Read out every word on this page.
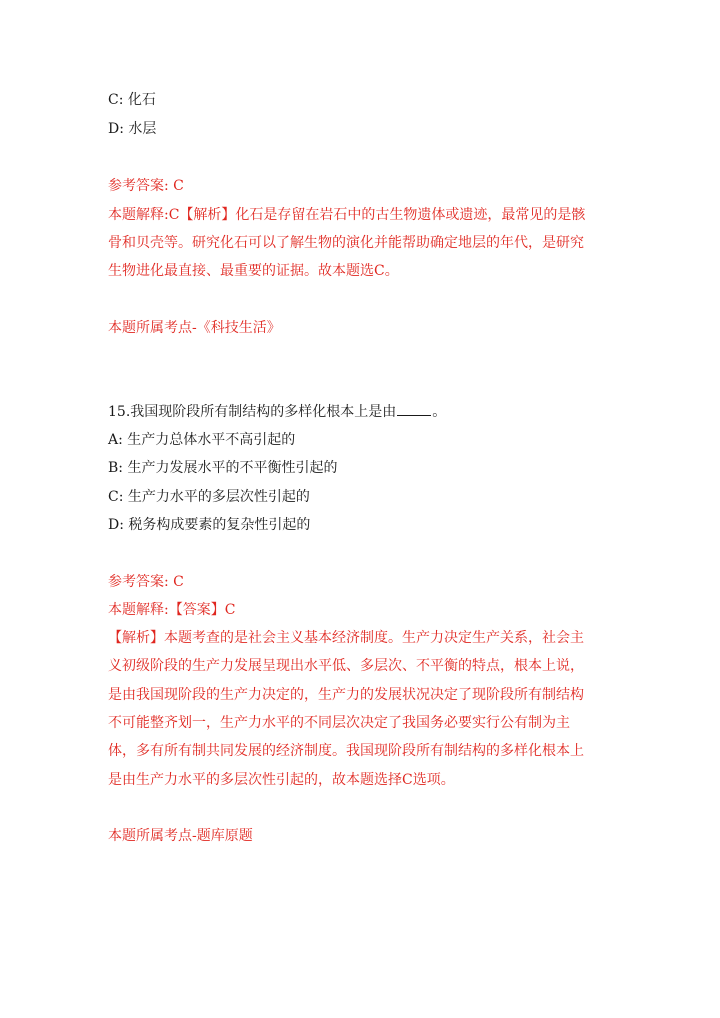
C: 化石
D: 水层
参考答案: C
本题解释:C【解析】化石是存留在岩石中的古生物遗体或遗迹，最常见的是骸
骨和贝壳等。研究化石可以了解生物的演化并能帮助确定地层的年代，是研究
生物进化最直接、最重要的证据。故本题选C。
本题所属考点-《科技生活》
15.我国现阶段所有制结构的多样化根本上是由	。
A: 生产力总体水平不高引起的
B: 生产力发展水平的不平衡性引起的
C: 生产力水平的多层次性引起的
D: 税务构成要素的复杂性引起的
参考答案: C
本题解释:【答案】C
【解析】本题考查的是社会主义基本经济制度。生产力决定生产关系，社会主
义初级阶段的生产力发展呈现出水平低、多层次、不平衡的特点，根本上说，
是由我国现阶段的生产力决定的，生产力的发展状况决定了现阶段所有制结构
不可能整齐划一，生产力水平的不同层次决定了我国务必要实行公有制为主
体，多有所有制共同发展的经济制度。我国现阶段所有制结构的多样化根本上
是由生产力水平的多层次性引起的，故本题选择C选项。
本题所属考点-题库原题
